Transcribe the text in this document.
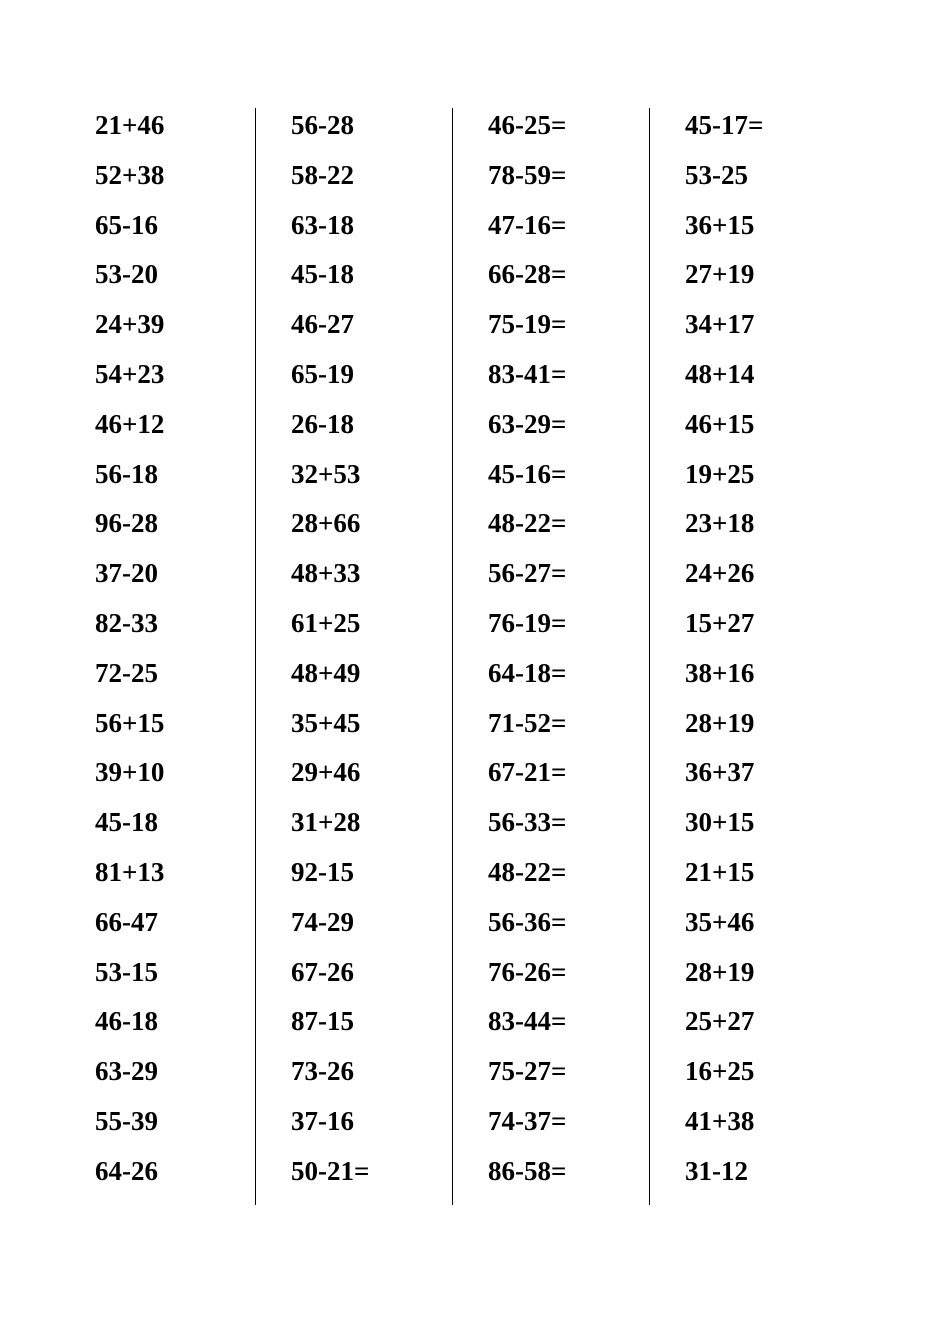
21+46
52+38
65-16
53-20
24+39
54+23
46+12
56-18
96-28
37-20
82-33
72-25
56+15
39+10
45-18
81+13
66-47
53-15
46-18
63-29
55-39
64-26
56-28
58-22
63-18
45-18
46-27
65-19
26-18
32+53
28+66
48+33
61+25
48+49
35+45
29+46
31+28
92-15
74-29
67-26
87-15
73-26
37-16
50-21=
46-25=
78-59=
47-16=
66-28=
75-19=
83-41=
63-29=
45-16=
48-22=
56-27=
76-19=
64-18=
71-52=
67-21=
56-33=
48-22=
56-36=
76-26=
83-44=
75-27=
74-37=
86-58=
45-17=
53-25
36+15
27+19
34+17
48+14
46+15
19+25
23+18
24+26
15+27
38+16
28+19
36+37
30+15
21+15
35+46
28+19
25+27
16+25
41+38
31-12
